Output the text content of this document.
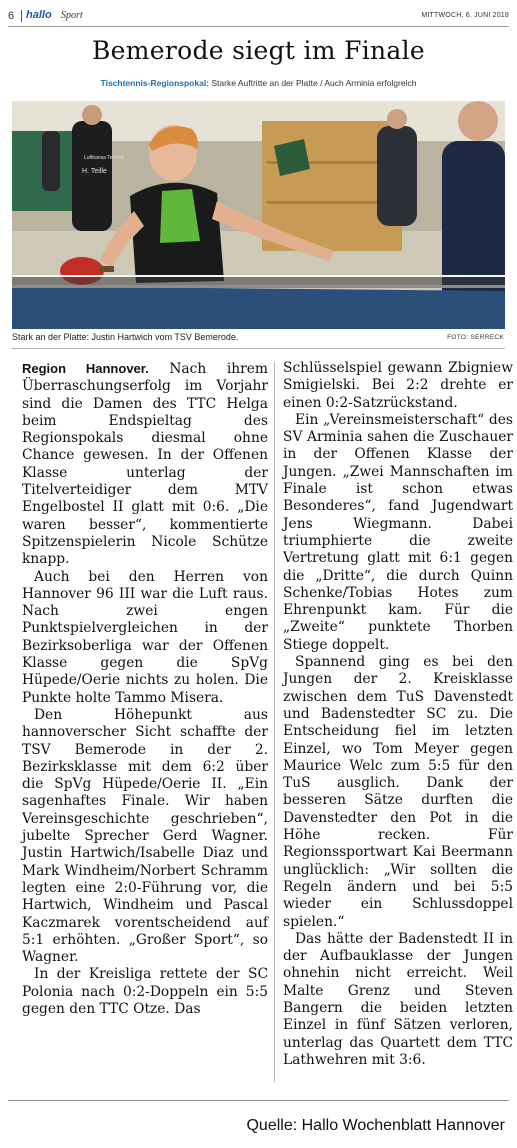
6 hallo Sport	MITTWOCH, 6. JUNI 2018
Bemerode siegt im Finale
Tischtennis-Regionspokal: Starke Auftritte an der Platte / Auch Arminia erfolgreich
Lufthansa Technik
H. Teille
Stark an der Platte: Justin Hartwich vom TSV Bemerode.	FOTO: SERRECK

Region Hannover. Nach ihrem Überraschungserfolg im Vorjahr sind die Damen des TTC Helga beim Endspieltag des Regionspokals diesmal ohne Chance gewesen. In der Offenen Klasse unterlag der Titelverteidiger dem MTV Engelbostel II glatt mit 0:6. „Die waren besser“, kommentierte Spitzenspielerin Nicole Schütze knapp.

Auch bei den Herren von Hannover 96 III war die Luft raus. Nach zwei engen Punktspielvergleichen in der Bezirksoberliga war der Offenen Klasse gegen die SpVg Hüpede/Oerie nichts zu holen. Die Punkte holte Tammo Misera.

Den Höhepunkt aus hannoverscher Sicht schaffte der TSV Bemerode in der 2. Bezirksklasse mit dem 6:2 über die SpVg Hüpede/Oerie II. „Ein sagenhaftes Finale. Wir haben Vereinsgeschichte geschrieben“, jubelte Sprecher Gerd Wagner. Justin Hartwich/Isabelle Diaz und Mark Windheim/Norbert Schramm legten eine 2:0-Führung vor, die Hartwich, Windheim und Pascal Kaczmarek vorentscheidend auf 5:1 erhöhten. „Großer Sport“, so Wagner.

In der Kreisliga rettete der SC Polonia nach 0:2-Doppeln ein 5:5 gegen den TTC Otze. Das

Schlüsselspiel gewann Zbigniew Smigielski. Bei 2:2 drehte er einen 0:2-Satzrückstand.

Ein „Vereinsmeisterschaft“ des SV Arminia sahen die Zuschauer in der Offenen Klasse der Jungen. „Zwei Mannschaften im Finale ist schon etwas Besonderes“, fand Jugendwart Jens Wiegmann. Dabei triumphierte die zweite Vertretung glatt mit 6:1 gegen die „Dritte“, die durch Quinn Schenke/Tobias Hotes zum Ehrenpunkt kam. Für die „Zweite“ punktete Thorben Stiege doppelt.

Spannend ging es bei den Jungen der 2. Kreisklasse zwischen dem TuS Davenstedt und Badenstedter SC zu. Die Entscheidung fiel im letzten Einzel, wo Tom Meyer gegen Maurice Welc zum 5:5 für den TuS ausglich. Dank der besseren Sätze durften die Davenstedter den Pot in die Höhe recken. Für Regionssportwart Kai Beermann unglücklich: „Wir sollten die Regeln ändern und bei 5:5 wieder ein Schlussdoppel spielen.“

Das hätte der Badenstedt II in der Aufbauklasse der Jungen ohnehin nicht erreicht. Weil Malte Grenz und Steven Bangern die beiden letzten Einzel in fünf Sätzen verloren, unterlag das Quartett dem TTC Lathwehren mit 3:6.

Quelle: Hallo Wochenblatt Hannover
